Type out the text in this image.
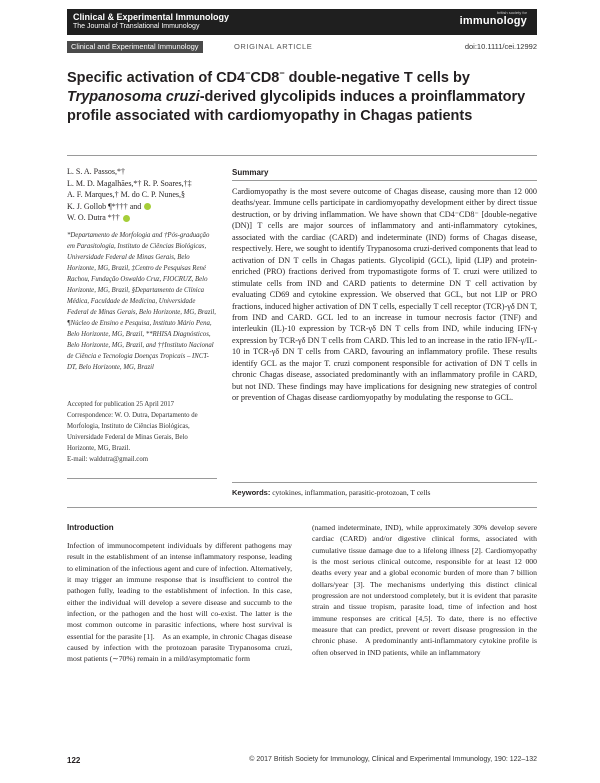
Clinical & Experimental Immunology
The Journal of Translational Immunology
british society for
immunology
Clinical and Experimental Immunology	ORIGINAL ARTICLE	doi:10.1111/cei.12992
Specific activation of CD4−CD8− double-negative T cells by Trypanosoma cruzi-derived glycolipids induces a proinflammatory profile associated with cardiomyopathy in Chagas patients
L. S. A. Passos,*†
L. M. D. Magalhães,*† R. P. Soares,†‡
A. F. Marques,† M. do C. P. Nunes,§
K. J. Gollob ¶*††† and
W. O. Dutra *††
*Departamento de Morfologia and †Pós-graduação em Parasitologia, Instituto de Ciências Biológicas, Universidade Federal de Minas Gerais, Belo Horizonte, MG, Brazil, ‡Centro de Pesquisas René Rachou, Fundação Oswaldo Cruz, FIOCRUZ, Belo Horizonte, MG, Brazil, §Departamento de Clínica Médica, Faculdade de Medicina, Universidade Federal de Minas Gerais, Belo Horizonte, MG, Brazil, ¶Núcleo de Ensino e Pesquisa, Instituto Mário Pena, Belo Horizonte, MG, Brazil, **RHISA Diagnósticos, Belo Horizonte, MG, Brazil, and ††Instituto Nacional de Ciência e Tecnologia Doenças Tropicais – INCT-DT, Belo Horizonte, MG, Brazil
Accepted for publication 25 April 2017
Correspondence: W. O. Dutra, Departamento de Morfologia, Instituto de Ciências Biológicas, Universidade Federal de Minas Gerais, Belo Horizonte, MG, Brazil.
E-mail: waldutra@gmail.com
Summary
Cardiomyopathy is the most severe outcome of Chagas disease, causing more than 12 000 deaths/year. Immune cells participate in cardiomyopathy development either by direct tissue destruction, or by driving inflammation. We have shown that CD4⁻CD8⁻ [double-negative (DN)] T cells are major sources of inflammatory and anti-inflammatory cytokines, associated with the cardiac (CARD) and indeterminate (IND) forms of Chagas disease, respectively. Here, we sought to identify Trypanosoma cruzi-derived components that lead to activation of DN T cells in Chagas patients. Glycolipid (GCL), lipid (LIP) and protein-enriched (PRO) fractions derived from trypomastigote forms of T. cruzi were utilized to stimulate cells from IND and CARD patients to determine DN T cell activation by evaluating CD69 and cytokine expression. We observed that GCL, but not LIP or PRO fractions, induced higher activation of DN T cells, especially T cell receptor (TCR)-γδ DN T, from IND and CARD. GCL led to an increase in tumour necrosis factor (TNF) and interleukin (IL)-10 expression by TCR-γδ DN T cells from IND, while inducing IFN-γ expression by TCR-γδ DN T cells from CARD. This led to an increase in the ratio IFN-γ/IL-10 in TCR-γδ DN T cells from CARD, favouring an inflammatory profile. These results identify GCL as the major T. cruzi component responsible for activation of DN T cells in chronic Chagas disease, associated predominantly with an inflammatory profile in CARD, but not IND. These findings may have implications for designing new strategies of control or prevention of Chagas disease cardiomyopathy by modulating the response to GCL.
Keywords: cytokines, inflammation, parasitic-protozoan, T cells
Introduction
Infection of immunocompetent individuals by different pathogens may result in the establishment of an intense inflammatory response, leading to elimination of the infectious agent and cure of infection. Alternatively, it may trigger an immune response that is insufficient to control the pathogen fully, leading to the establishment of infection. In this case, either the individual will develop a severe disease and succumb to the infection, or the pathogen and the host will co-exist. The latter is the most common outcome in parasitic infections, where host survival is essential for the parasite [1]. As an example, in chronic Chagas disease caused by infection with the protozoan parasite Trypanosoma cruzi, most patients (∼70%) remain in a mild/asymptomatic form
(named indeterminate, IND), while approximately 30% develop severe cardiac (CARD) and/or digestive clinical forms, associated with cumulative tissue damage due to a lifelong illness [2]. Cardiomyopathy is the most serious clinical outcome, responsible for at least 12 000 deaths every year and a global economic burden of more than 7 billion dollars/year [3]. The mechanisms underlying this distinct clinical progression are not understood completely, but it is evident that parasite strain and tissue tropism, parasite load, time of infection and host immune responses are critical [4,5]. To date, there is no effective measure that can predict, prevent or revert disease progression in the chronic phase. A predominantly anti-inflammatory cytokine profile is often observed in IND patients, while an inflammatory
122	© 2017 British Society for Immunology, Clinical and Experimental Immunology, 190: 122–132
